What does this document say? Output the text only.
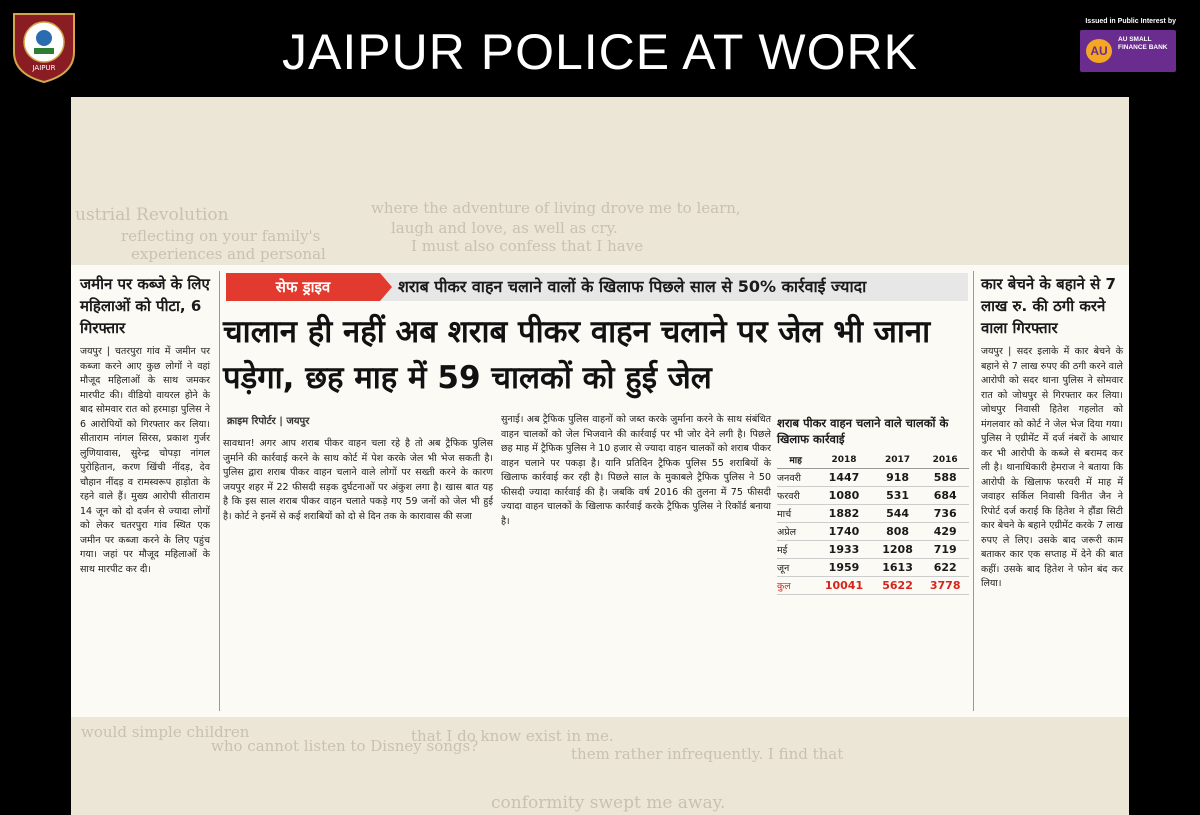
JAIPUR	JAIPUR POLICE AT WORK
Issued in Public Interest by
AU
AU SMALL FINANCE BANK
ustrial Revolution
reflecting on your family's
experiences and personal
where the adventure of living drove me to learn,
laugh and love, as well as cry.
I must also confess that I have
would simple children
who cannot listen to Disney songs?
that I do know exist in me.
them rather infrequently. I find that
conformity swept me away.
जमीन पर कब्जे के लिए महिलाओं को पीटा, 6 गिरफ्तार
जयपुर | चतरपुरा गांव में जमीन पर कब्जा करने आए कुछ लोगों ने वहां मौजूद महिलाओं के साथ जमकर मारपीट की। वीडियो वायरल होने के बाद सोमवार रात को हरमाड़ा पुलिस ने 6 आरोपियों को गिरफ्तार कर लिया। सीताराम नांगल सिरस, प्रकाश गुर्जर लुणियावास, सुरेन्द्र चोपड़ा नांगल पुरोहितान, करण खिंची नींदड़, देव चौहान नींदड़ व रामस्वरूप हाड़ोता के रहने वाले हैं। मुख्य आरोपी सीताराम 14 जून को दो दर्जन से ज्यादा लोगों को लेकर चतरपुरा गांव स्थित एक जमीन पर कब्जा करने के लिए पहुंच गया। जहां पर मौजूद महिलाओं के साथ मारपीट कर दी।
सेफ ड्राइव	शराब पीकर वाहन चलाने वालों के खिलाफ पिछले साल से 50% कार्रवाई ज्यादा
चालान ही नहीं अब शराब पीकर वाहन चलाने पर जेल भी जाना पड़ेगा, छह माह में 59 चालकों को हुई जेल
क्राइम रिपोर्टर | जयपुर
सावधान! अगर आप शराब पीकर वाहन चला रहे है तो अब ट्रैफिक पुलिस जुर्माने की कार्रवाई करने के साथ कोर्ट में पेश करके जेल भी भेज सकती है। पुलिस द्वारा शराब पीकर वाहन चलाने वाले लोगों पर सख्ती करने के कारण जयपुर शहर में 22 फीसदी सड़क दुर्घटनाओं पर अंकुश लगा है। खास बात यह है कि इस साल शराब पीकर वाहन चलाते पकड़े गए 59 जनों को जेल भी हुई है। कोर्ट ने इनमें से कई शराबियों को दो से दिन तक के कारावास की सजा
सुनाई। अब ट्रैफिक पुलिस वाहनों को जब्त करके जुर्माना करने के साथ संबंधित वाहन चालकों को जेल भिजवाने की कार्रवाई पर भी जोर देने लगी है। पिछले छह माह में ट्रैफिक पुलिस ने 10 हजार से ज्यादा वाहन चालकों को शराब पीकर वाहन चलाने पर पकड़ा है। यानि प्रतिदिन ट्रैफिक पुलिस 55 शराबियों के खिलाफ कार्रवाई कर रही है। पिछले साल के मुकाबले ट्रैफिक पुलिस ने 50 फीसदी ज्यादा कार्रवाई की है। जबकि वर्ष 2016 की तुलना में 75 फीसदी ज्यादा वाहन चालकों के खिलाफ कार्रवाई करके ट्रैफिक पुलिस ने रिकॉर्ड बनाया है।
शराब पीकर वाहन चलाने वाले चालकों के खिलाफ कार्रवाई
माह	2018	2017	2016
जनवरी	1447	918	588
फरवरी	1080	531	684
मार्च	1882	544	736
अप्रेल	1740	808	429
मई	1933	1208	719
जून	1959	1613	622
कुल	10041	5622	3778
कार बेचने के बहाने से 7 लाख रु. की ठगी करने वाला गिरफ्तार
जयपुर | सदर इलाके में कार बेचने के बहाने से 7 लाख रुपए की ठगी करने वाले आरोपी को सदर थाना पुलिस ने सोमवार रात को जोधपुर से गिरफ्तार कर लिया। जोधपुर निवासी हितेश गहलोत को मंगलवार को कोर्ट ने जेल भेज दिया गया। पुलिस ने एग्रीमेंट में दर्ज नंबरों के आधार कर भी आरोपी के कब्जे से बरामद कर ली है। थानाधिकारी हेमराज ने बताया कि आरोपी के खिलाफ फरवरी में माह में जवाहर सर्किल निवासी विनीत जैन ने रिपोर्ट दर्ज कराई कि हितेश ने हौंडा सिटी कार बेचने के बहाने एग्रीमेंट करके 7 लाख रुपए ले लिए। उसके बाद जरूरी काम बताकर कार एक सप्ताह में देने की बात कहीं। उसके बाद हितेश ने फोन बंद कर लिया।
